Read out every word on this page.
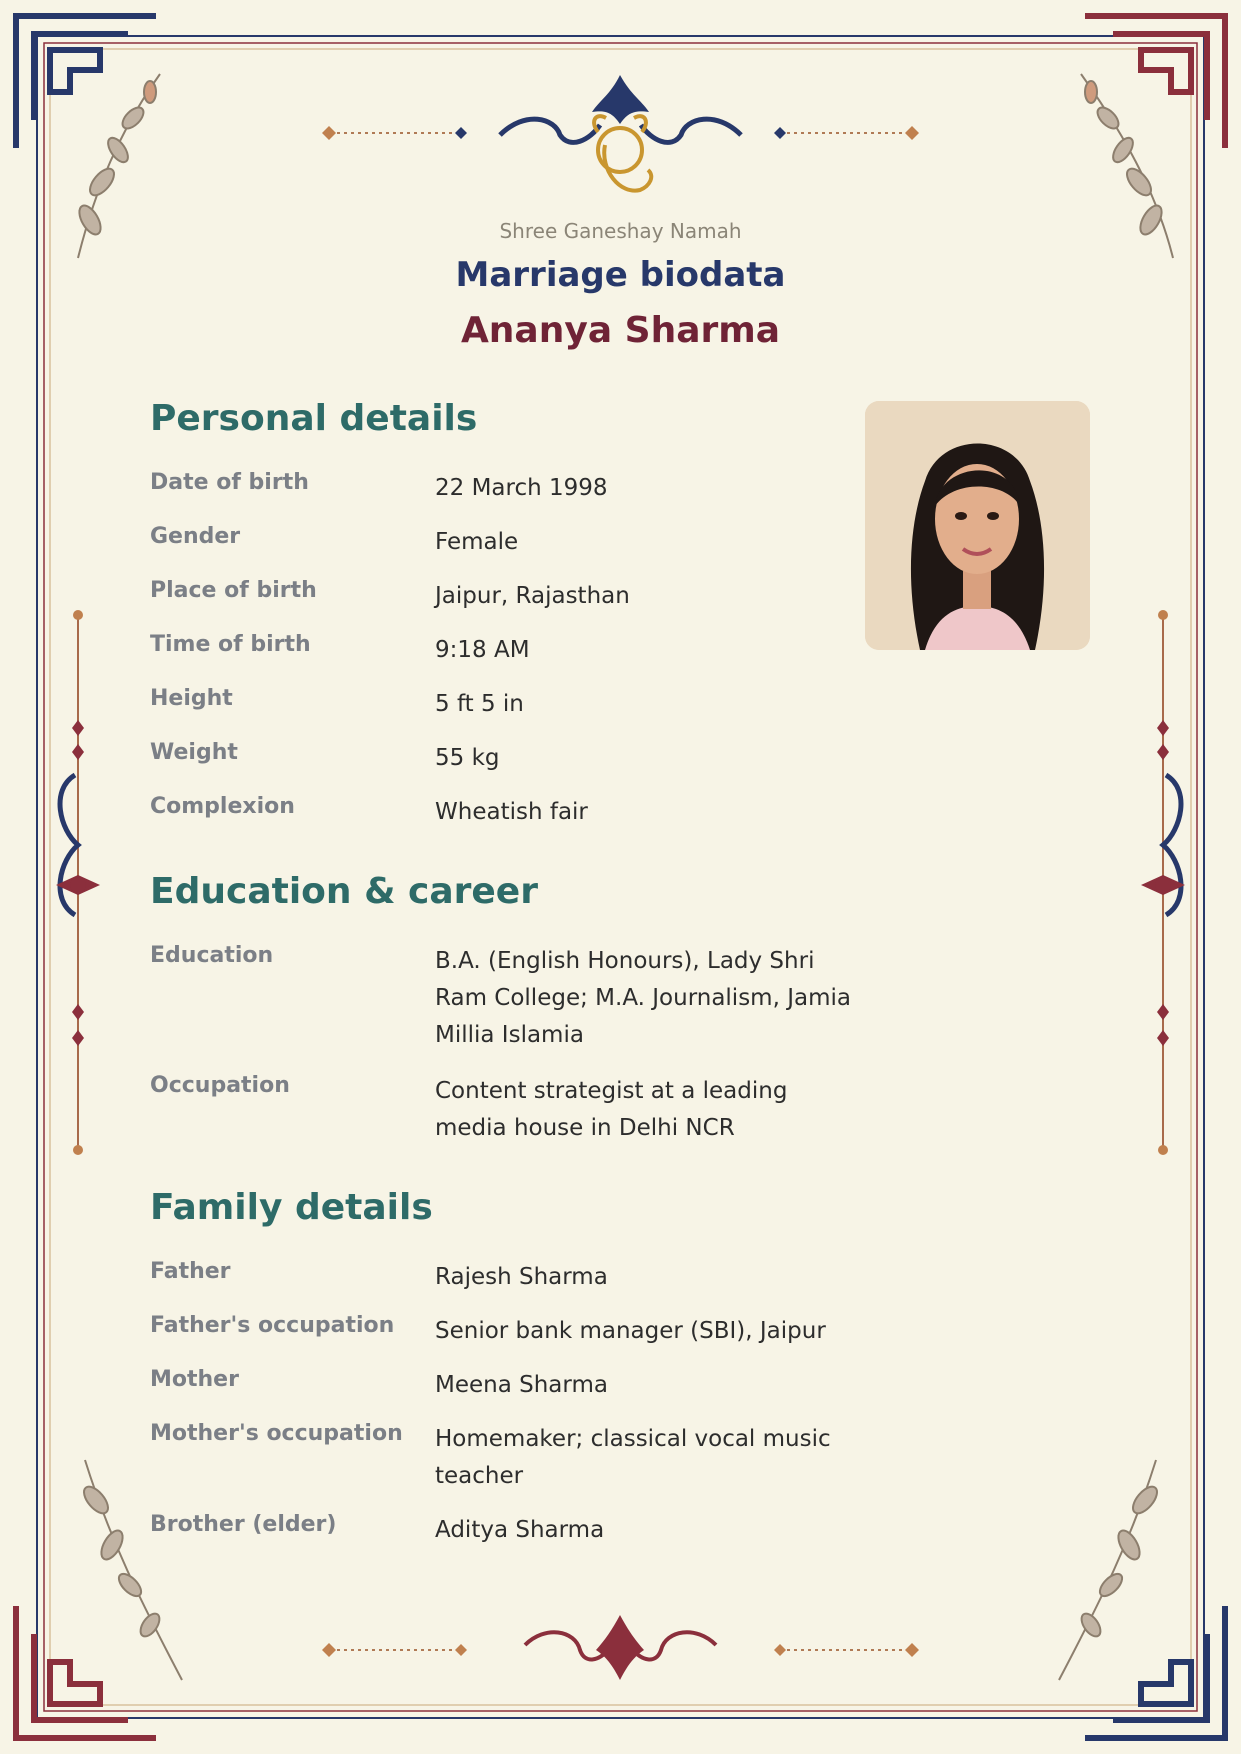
Shree Ganeshay Namah
Marriage biodata
Ananya Sharma
Personal details
Date of birth	22 March 1998
Gender	Female
Place of birth	Jaipur, Rajasthan
Time of birth	9:18 AM
Height	5 ft 5 in
Weight	55 kg
Complexion	Wheatish fair
Education & career
Education	B.A. (English Honours), Lady Shri Ram College; M.A. Journalism, Jamia Millia Islamia
Occupation	Content strategist at a leading media house in Delhi NCR
Family details
Father	Rajesh Sharma
Father's occupation	Senior bank manager (SBI), Jaipur
Mother	Meena Sharma
Mother's occupation	Homemaker; classical vocal music teacher
Brother (elder)	Aditya Sharma
